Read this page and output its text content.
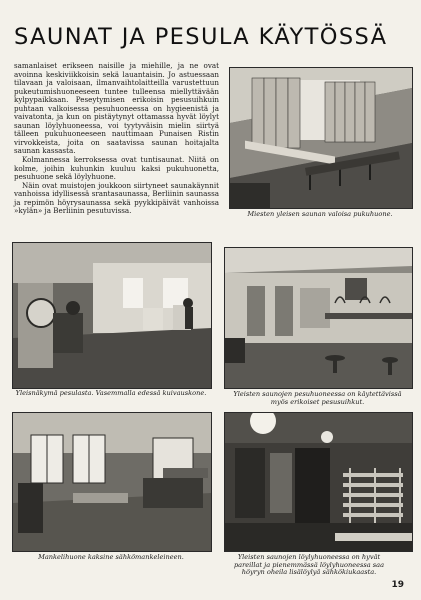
SAUNAT JA PESULA KÄYTÖSSÄ

samanlaiset erikseen naisille ja miehille, ja ne ovat avoinna keskiviikkoisin sekä lauantaisin. Jo astuessaan tilavaan ja valoisaan, ilmanvaihtolaitteilla varustettuun pukeutumishuoneeseen tuntee tulleensa miellyttävään kylpypaikkaan. Peseytymisen erikoisin pesusuihkuin puhtaan valkoisessa pesuhuoneessa on hygieenistä ja vaivatonta, ja kun on pistäytynyt ottamassa hyvät löylyt saunan löylyhuoneessa, voi tyytyväisin mielin siirtyä tälleen pukuhuoneeseen nauttimaan Punaisen Ristin virvokkeista, joita on saatavissa saunan hoitajalta saunan kassasta.

Kolmannessa kerroksessa ovat tuntisaunat. Niitä on kolme, joihin kuhunkin kuuluu kaksi pukuhuonetta, pesuhuone sekä löylyhuone.

Näin ovat muistojen joukkoon siirtyneet saunakäynnit vanhoissa idyllisessä srantasaunassa, Berliinin saunassa ja repimön höyrysaunassa sekä pyykkipäivät vanhoissa »kylän» ja Berliinin pesutuvissa.	Miesten yleisen saunan valoisa pukuhuone.

Yleisnäkymä pesulasta. Vasemmalla edessä kuivauskone.	Yleisten saunojen pesuhuoneessa on käytettävissä myös erikoiset pesusuihkut.

Mankelihuone kaksine sähkömankeleineen.	Yleisten saunojen löylyhuoneessa on hyvät pareillat ja pienemmässä löylyhuoneessa saa höyryn oheila lisälöylyä sähkökiukaasta.

19
